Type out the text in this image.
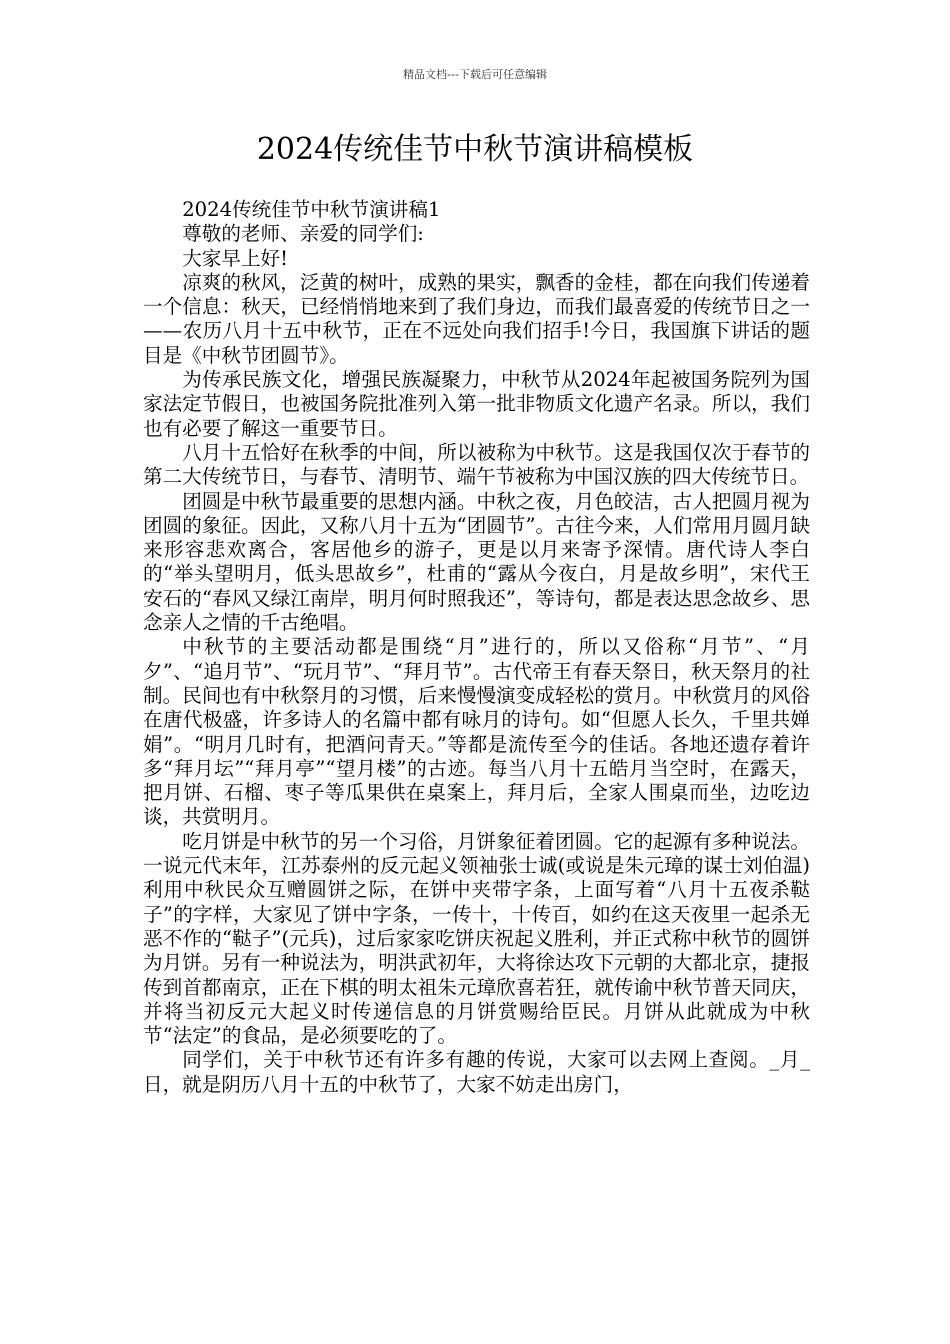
精品文档---下载后可任意编辑
2024传统佳节中秋节演讲稿模板

2024传统佳节中秋节演讲稿1

尊敬的老师、亲爱的同学们:

大家早上好!

凉爽的秋风，泛黄的树叶，成熟的果实，飘香的金桂，都在向我们传递着一个信息：秋天，已经悄悄地来到了我们身边，而我们最喜爱的传统节日之一——农历八月十五中秋节，正在不远处向我们招手!今日，我国旗下讲话的题目是《中秋节团圆节》。

为传承民族文化，增强民族凝聚力，中秋节从2024年起被国务院列为国家法定节假日，也被国务院批准列入第一批非物质文化遗产名录。所以，我们也有必要了解这一重要节日。

八月十五恰好在秋季的中间，所以被称为中秋节。这是我国仅次于春节的第二大传统节日，与春节、清明节、端午节被称为中国汉族的四大传统节日。

团圆是中秋节最重要的思想内涵。中秋之夜，月色皎洁，古人把圆月视为团圆的象征。因此，又称八月十五为“团圆节”。古往今来，人们常用月圆月缺来形容悲欢离合，客居他乡的游子，更是以月来寄予深情。唐代诗人李白的“举头望明月，低头思故乡”，杜甫的“露从今夜白，月是故乡明”，宋代王安石的“春风又绿江南岸，明月何时照我还”，等诗句，都是表达思念故乡、思念亲人之情的千古绝唱。

中秋节的主要活动都是围绕“月”进行的，所以又俗称“月节”、“月夕”、“追月节”、“玩月节”、“拜月节”。古代帝王有春天祭日，秋天祭月的社制。民间也有中秋祭月的习惯，后来慢慢演变成轻松的赏月。中秋赏月的风俗在唐代极盛，许多诗人的名篇中都有咏月的诗句。如“但愿人长久，千里共婵娟”。“明月几时有，把酒问青天。”等都是流传至今的佳话。各地还遗存着许多“拜月坛”“拜月亭”“望月楼”的古迹。每当八月十五皓月当空时，在露天，把月饼、石榴、枣子等瓜果供在桌案上，拜月后，全家人围桌而坐，边吃边谈，共赏明月。

吃月饼是中秋节的另一个习俗，月饼象征着团圆。它的起源有多种说法。一说元代末年，江苏泰州的反元起义领袖张士诚(或说是朱元璋的谋士刘伯温)利用中秋民众互赠圆饼之际，在饼中夹带字条，上面写着“八月十五夜杀鞑子”的字样，大家见了饼中字条，一传十，十传百，如约在这天夜里一起杀无恶不作的“鞑子”(元兵)，过后家家吃饼庆祝起义胜利，并正式称中秋节的圆饼为月饼。另有一种说法为，明洪武初年，大将徐达攻下元朝的大都北京，捷报传到首都南京，正在下棋的明太祖朱元璋欣喜若狂，就传谕中秋节普天同庆，并将当初反元大起义时传递信息的月饼赏赐给臣民。月饼从此就成为中秋节“法定”的食品，是必须要吃的了。

同学们，关于中秋节还有许多有趣的传说，大家可以去网上查阅。_月_日，就是阴历八月十五的中秋节了，大家不妨走出房门，
